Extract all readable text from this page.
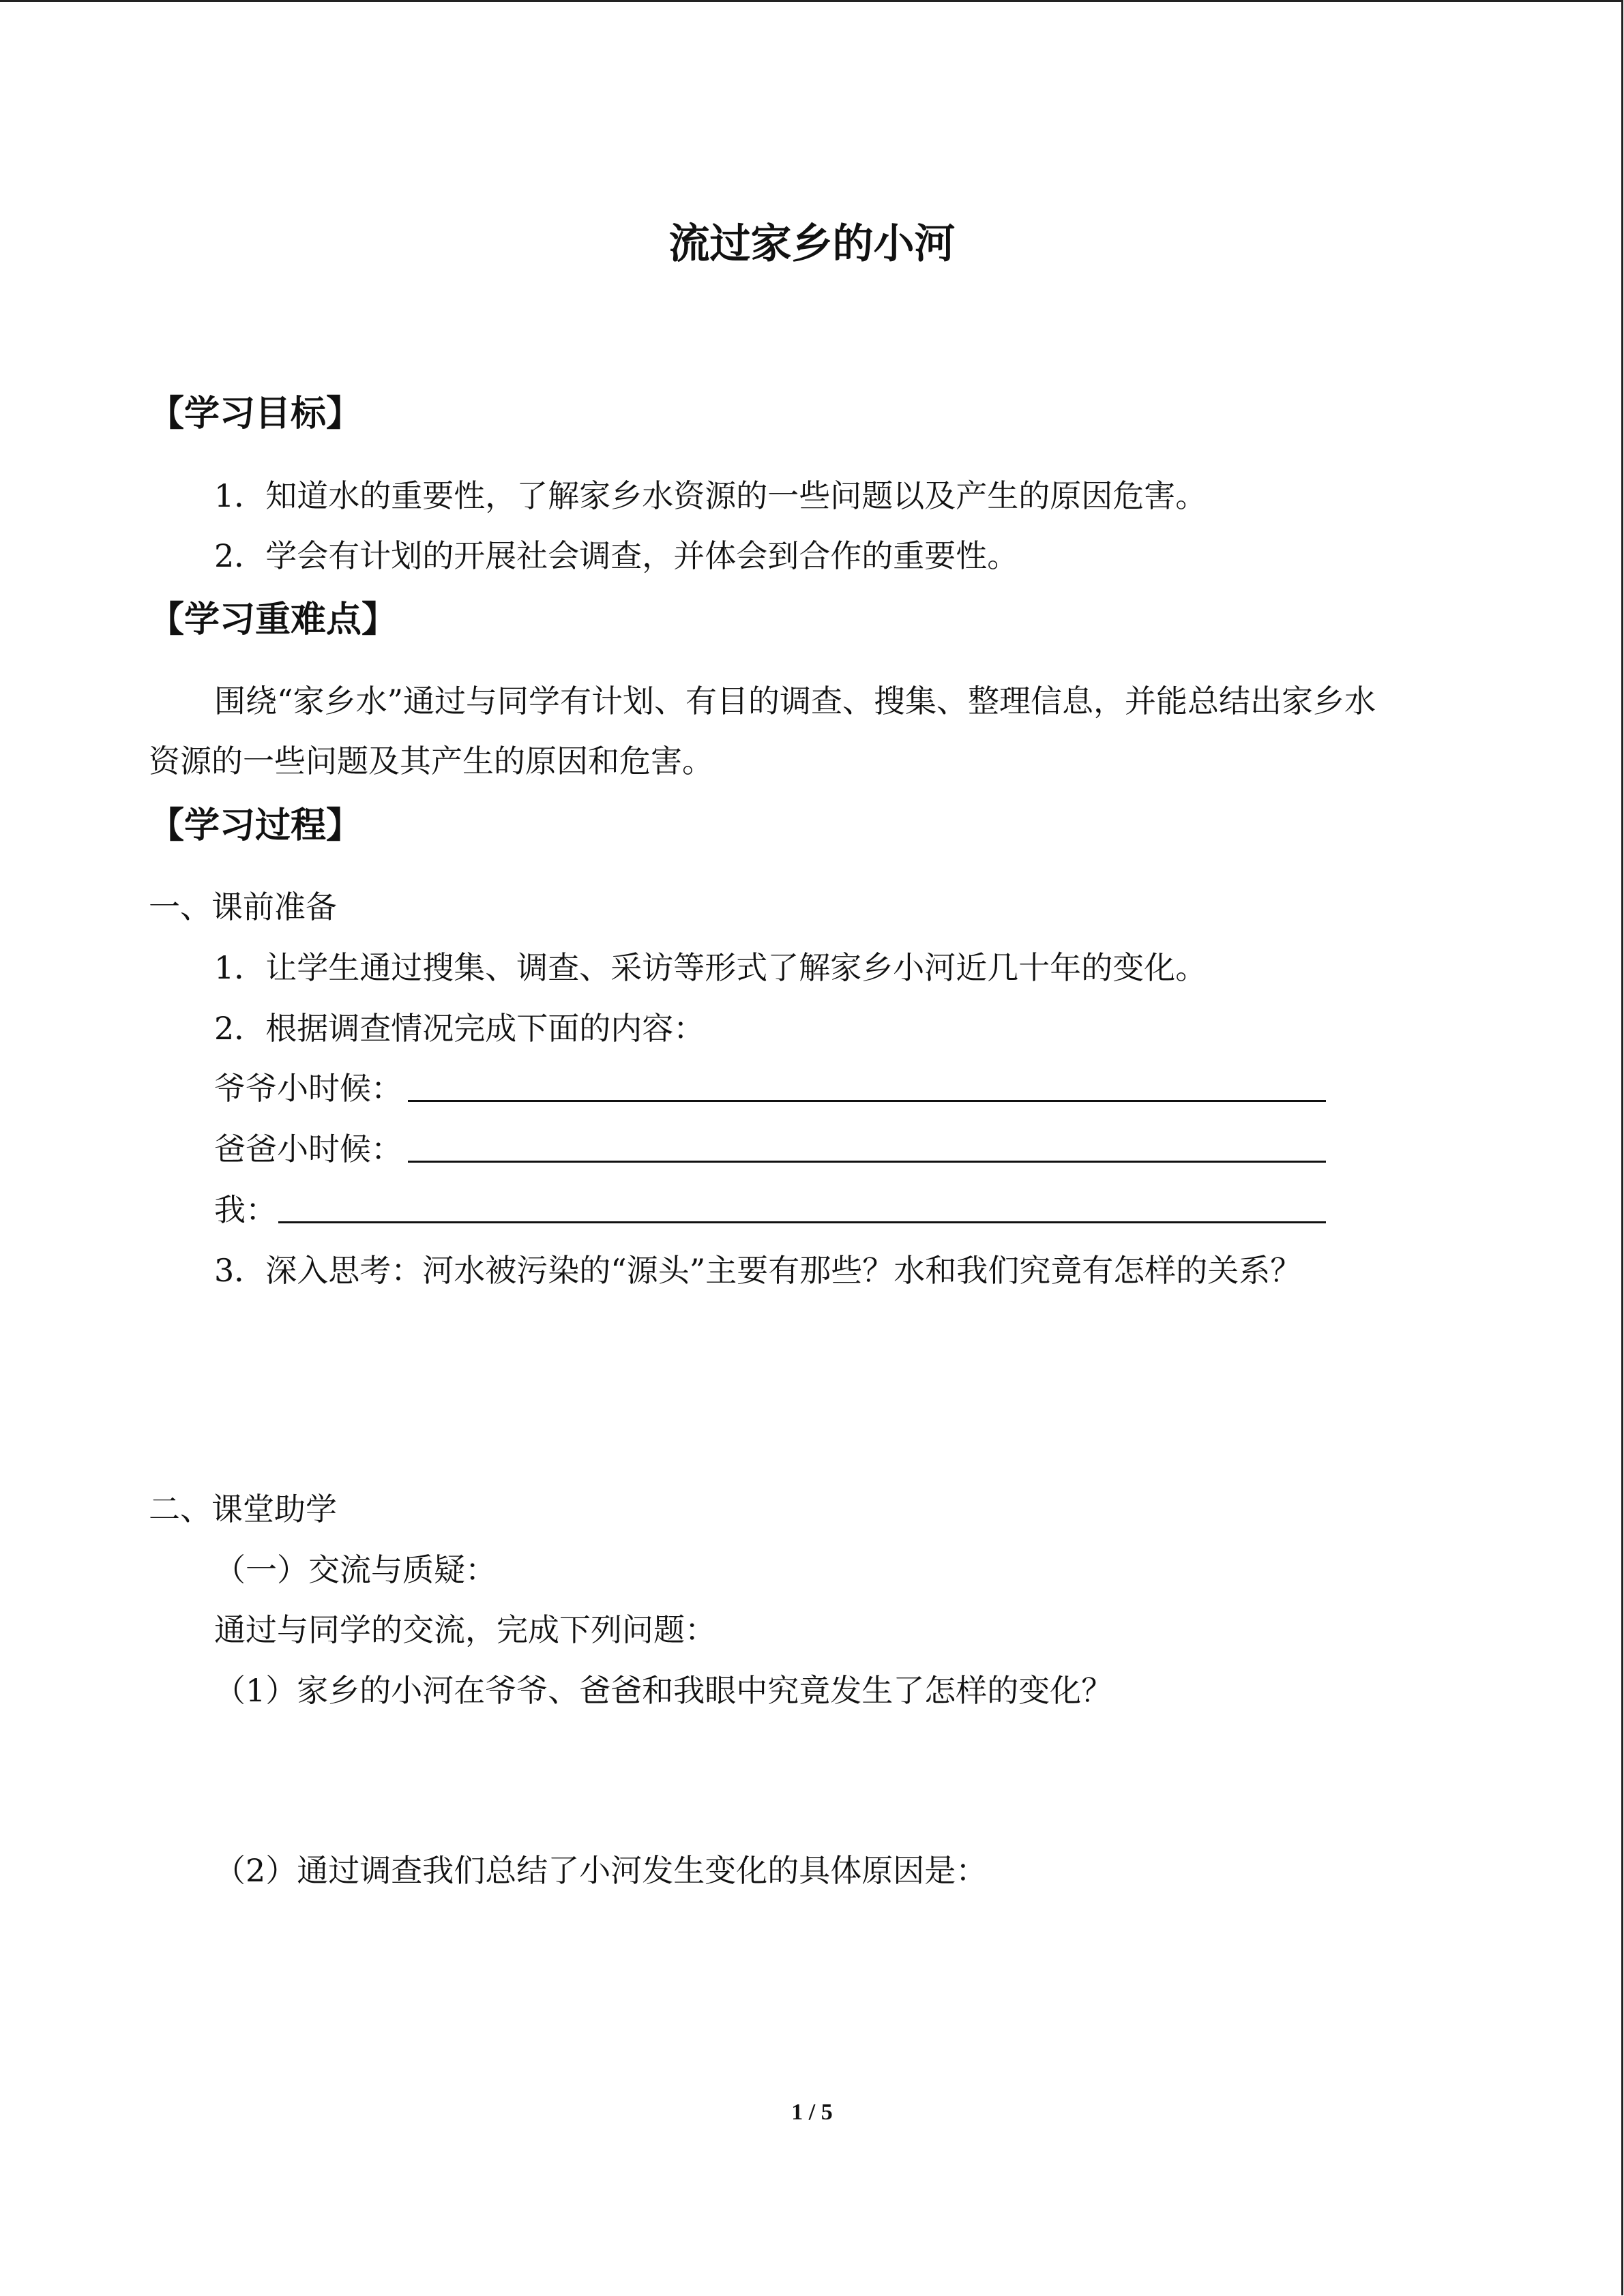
流过家乡的小河
【学习目标】
1．知道水的重要性，了解家乡水资源的一些问题以及产生的原因危害。
2．学会有计划的开展社会调查，并体会到合作的重要性。
【学习重难点】
围绕“家乡水”通过与同学有计划、有目的调查、搜集、整理信息，并能总结出家乡水
资源的一些问题及其产生的原因和危害。
【学习过程】
一、课前准备
1．让学生通过搜集、调查、采访等形式了解家乡小河近几十年的变化。
2．根据调查情况完成下面的内容：
爷爷小时候：
爸爸小时候：
我：
3．深入思考：河水被污染的“源头”主要有那些？水和我们究竟有怎样的关系？
二、课堂助学
（一）交流与质疑：
通过与同学的交流，完成下列问题：
（1）家乡的小河在爷爷、爸爸和我眼中究竟发生了怎样的变化？
（2）通过调查我们总结了小河发生变化的具体原因是：
1 / 5
